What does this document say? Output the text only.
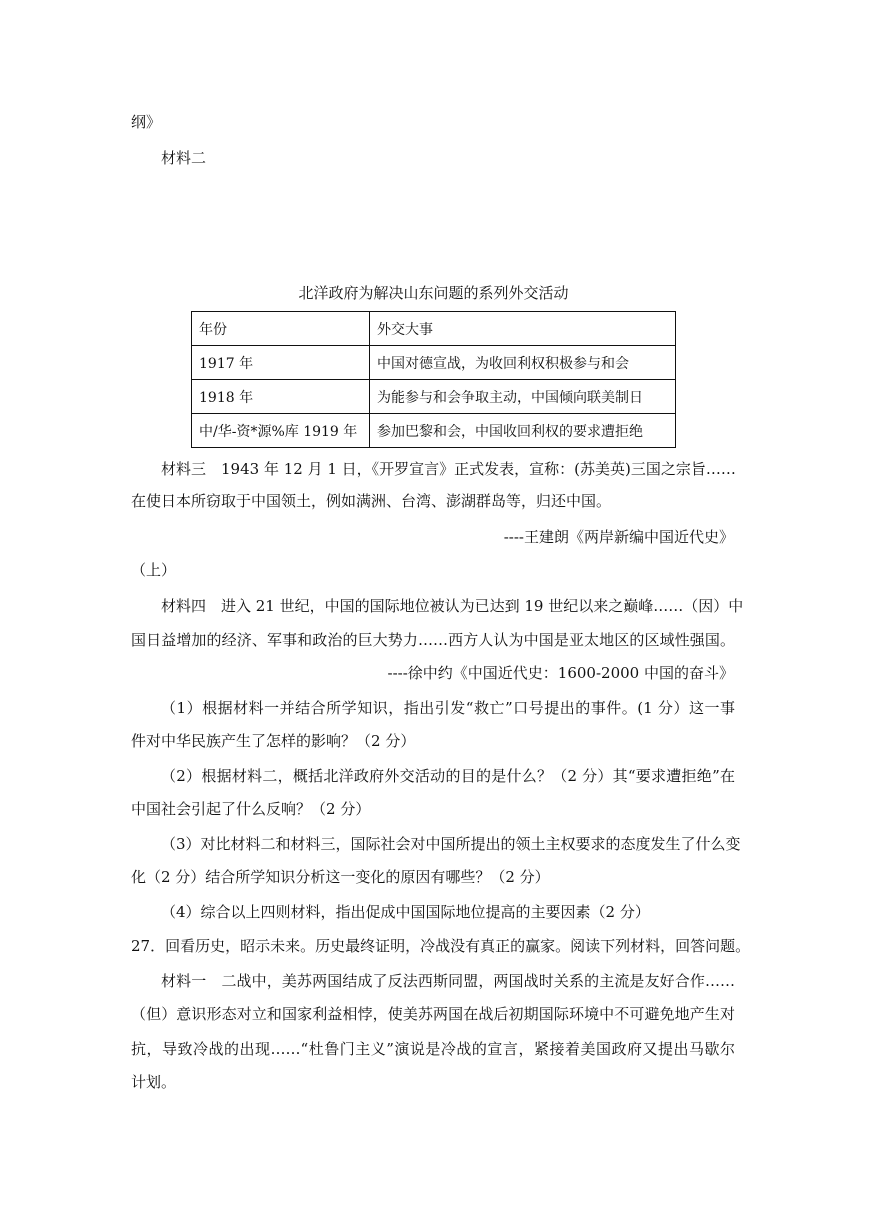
纲》
材料二
北洋政府为解决山东问题的系列外交活动
年份	外交大事
1917 年	中国对德宣战，为收回利权积极参与和会
1918 年	为能参与和会争取主动，中国倾向联美制日
中/华-资*源%库 1919 年	参加巴黎和会，中国收回利权的要求遭拒绝
材料三　1943 年 12 月 1 日，《开罗宣言》正式发表，宣称：(苏美英)三国之宗旨……
在使日本所窃取于中国领土，例如满洲、台湾、澎湖群岛等，归还中国。
----王建朗《两岸新编中国近代史》
（上）
材料四　进入 21 世纪，中国的国际地位被认为已达到 19 世纪以来之巅峰……（因）中
国日益增加的经济、军事和政治的巨大势力……西方人认为中国是亚太地区的区域性强国。
----徐中约《中国近代史：1600-2000 中国的奋斗》
（1）根据材料一并结合所学知识，指出引发“救亡”口号提出的事件。(1 分）这一事
件对中华民族产生了怎样的影响？（2 分）
（2）根据材料二，概括北洋政府外交活动的目的是什么？（2 分）其“要求遭拒绝”在
中国社会引起了什么反响？（2 分）
（3）对比材料二和材料三，国际社会对中国所提出的领土主权要求的态度发生了什么变
化（2 分）结合所学知识分析这一变化的原因有哪些？（2 分）
（4）综合以上四则材料，指出促成中国国际地位提高的主要因素（2 分）
27．回看历史，昭示未来。历史最终证明，冷战没有真正的赢家。阅读下列材料，回答问题。
材料一　二战中，美苏两国结成了反法西斯同盟，两国战时关系的主流是友好合作……
（但）意识形态对立和国家利益相悖，使美苏两国在战后初期国际环境中不可避免地产生对
抗，导致冷战的出现……“杜鲁门主义”演说是冷战的宣言，紧接着美国政府又提出马歇尔
计划。
